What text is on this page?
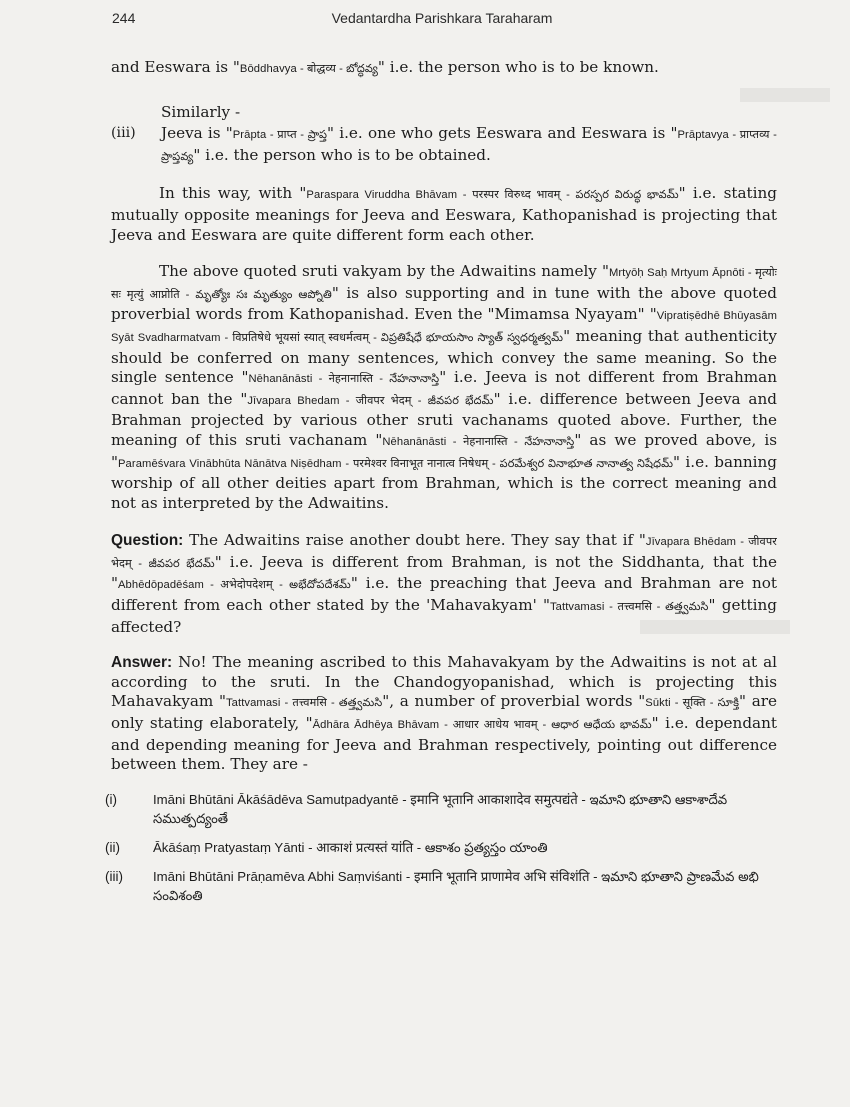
244	Vedantardha Parishkara Taraharam

and Eeswara is "Bōddhavya - बोद्धव्य - బోద్ధవ్య" i.e. the person who is to be known.

Similarly -

(iii) Jeeva is "Prāpta - प्राप्त - ప్రాప్త" i.e. one who gets Eeswara and Eeswara is "Prāptavya - प्राप्तव्य - ప్రాప్తవ్య" i.e. the person who is to be obtained.

In this way, with "Paraspara Viruddha Bhāvam - परस्पर विरुध्द भावम् - పరస్పర విరుద్ధ భావమ్" i.e. stating mutually opposite meanings for Jeeva and Eeswara, Kathopanishad is projecting that Jeeva and Eeswara are quite different form each other.

The above quoted sruti vakyam by the Adwaitins namely "Mrtyōḥ Saḥ Mrtyum Āpnōti - मृत्योः सः मृत्युं आप्नोति - మృత్యోః సః మృత్యుం ఆప్నోతి" is also supporting and in tune with the above quoted proverbial words from Kathopanishad. Even the "Mimamsa Nyayam" "Vipratiṣēdhē Bhūyasām Syāt Svadharmatvam - विप्रतिषेधे भूयसां स्यात् स्वधर्मत्वम् - విప్రతిషేధే భూయసాం స్యాత్ స్వధర్మత్వమ్" meaning that authenticity should be conferred on many sentences, which convey the same meaning. So the single sentence "Nēhanānāsti - नेहनानास्ति - నేహనానాస్తి" i.e. Jeeva is not different from Brahman cannot ban the "Jīvapara Bhedam - जीवपर भेदम् - జీవపర భేదమ్" i.e. difference between Jeeva and Brahman projected by various other sruti vachanams quoted above. Further, the meaning of this sruti vachanam "Nēhanānāsti - नेहनानास्ति - నేహనానాస్తి" as we proved above, is "Paramēśvara Vinābhūta Nānātva Niṣēdham - परमेश्वर विनाभूत नानात्व निषेधम् - పరమేశ్వర వినాభూత నానాత్వ నిషేధమ్" i.e. banning worship of all other deities apart from Brahman, which is the correct meaning and not as interpreted by the Adwaitins.

Question: The Adwaitins raise another doubt here. They say that if "Jīvapara Bhēdam - जीवपर भेदम् - జీవపర భేదమ్" i.e. Jeeva is different from Brahman, is not the Siddhanta, that the "Abhēdōpadēśam - अभेदोपदेशम् - అభేదోపదేశమ్" i.e. the preaching that Jeeva and Brahman are not different from each other stated by the 'Mahavakyam' "Tattvamasi - तत्त्वमसि - తత్త్వమసి" getting affected?

Answer: No! The meaning ascribed to this Mahavakyam by the Adwaitins is not at al according to the sruti. In the Chandogyopanishad, which is projecting this Mahavakyam "Tattvamasi - तत्त्वमसि - తత్త్వమసి", a number of proverbial words "Sūkti - सूक्ति - సూక్తి" are only stating elaborately, "Ādhāra Ādhēya Bhāvam - आधार आधेय भावम् - ఆధార ఆధేయ భావమ్" i.e. dependant and depending meaning for Jeeva and Brahman respectively, pointing out difference between them. They are -

(i)	Imāni Bhūtāni Ākāśādēva Samutpadyantē - इमानि भूतानि आकाशादेव समुत्पद्यंते - ఇమాని భూతాని ఆకాశాదేవ సముత్పద్యంతే
(ii)	Ākāśaṃ Pratyastaṃ Yānti - आकाशं प्रत्यस्तं यांति - ఆకాశం ప్రత్యస్తం యాంతి
(iii) Imāni Bhūtāni Prāṇamēva Abhi Saṃviśanti - इमानि भूतानि प्राणामेव अभि संविशंति - ఇమాని భూతాని ప్రాణమేవ అభి సంవిశంతి
